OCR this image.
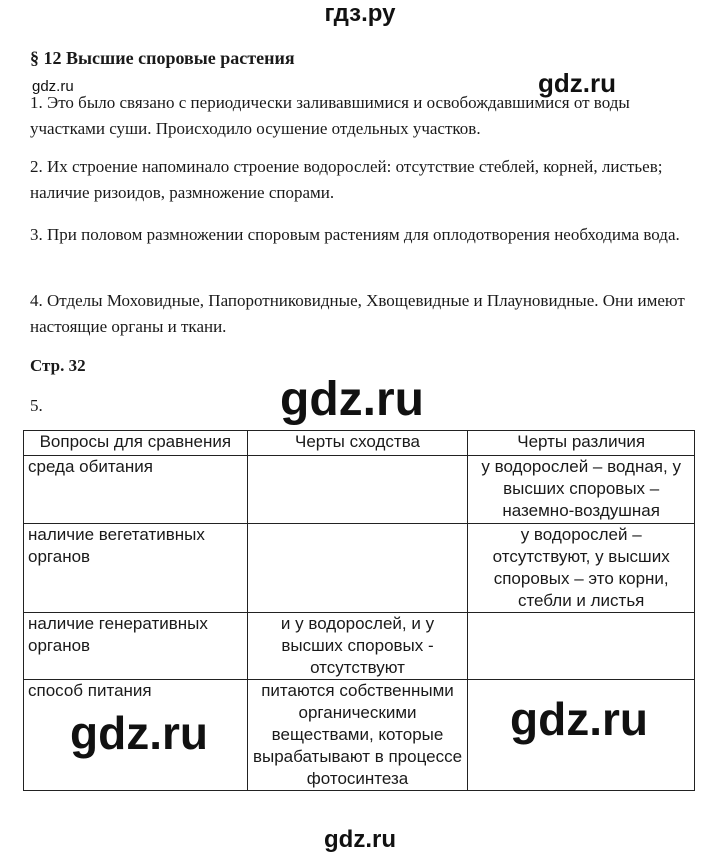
гдз.ру
§ 12 Высшие споровые растения
gdz.ru	gdz.ru
1. Это было связано с периодически заливавшимися и освобождавшимися от воды участками суши. Происходило осушение отдельных участков.
2. Их строение напоминало строение водорослей: отсутствие стеблей, корней, листьев; наличие ризоидов, размножение спорами.
3. При половом размножении споровым растениям для оплодотворения необходима вода.
4. Отделы Моховидные, Папоротниковидные, Хвощевидные и Плауновидные. Они имеют настоящие органы и ткани.
Стр. 32
gdz.ru
5.
Вопросы для сравнения	Черты сходства	Черты различия
среда обитания		у водорослей – водная, у высших споровых – наземно-воздушная
наличие вегетативных органов		у водорослей – отсутствуют, у высших споровых – это корни, стебли и листья
наличие генеративных органов	и у водорослей, и у высших споровых - отсутствуют	
способ питания	питаются собственными органическими веществами, которые вырабатывают в процессе фотосинтеза	
gdz.ru	gdz.ru
gdz.ru
